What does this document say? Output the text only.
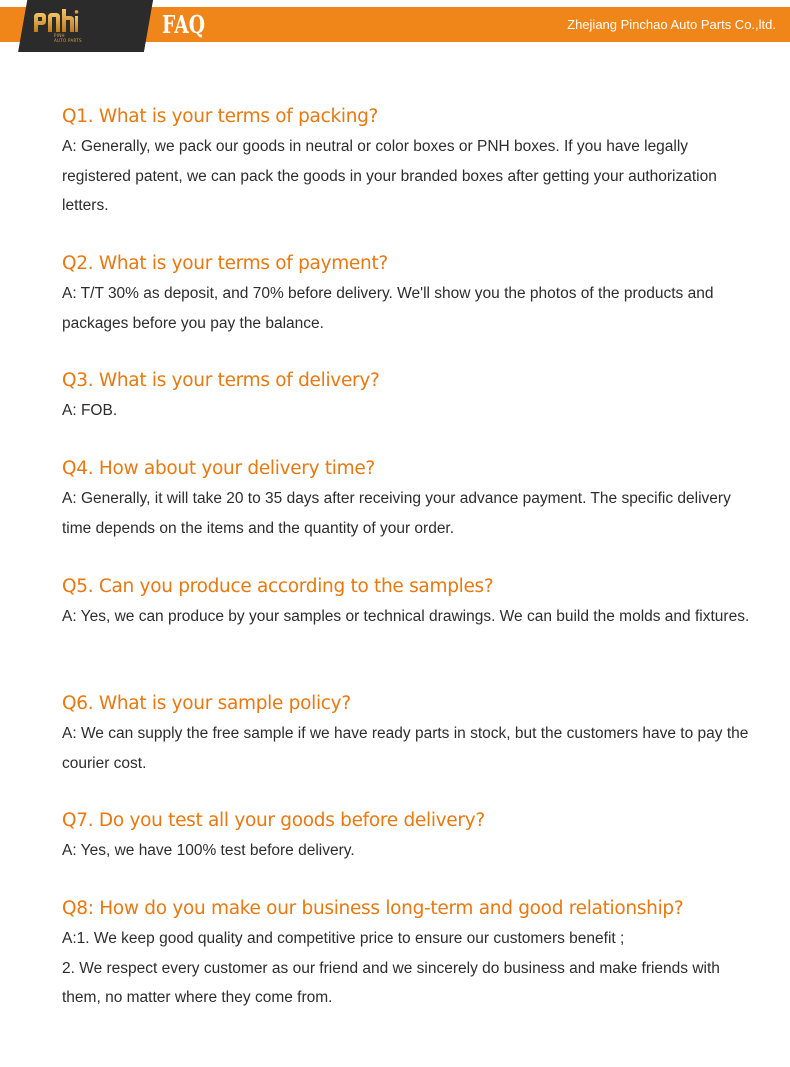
PINH
AUTO PARTS
FAQ	Zhejiang Pinchao Auto Parts Co.,ltd.
Q1. What is your terms of packing?

A: Generally, we pack our goods in neutral or color boxes or PNH boxes. If you have legally registered patent, we can pack the goods in your branded boxes after getting your authorization letters.

Q2. What is your terms of payment?

A: T/T 30% as deposit, and 70% before delivery. We'll show you the photos of the products and packages before you pay the balance.

Q3. What is your terms of delivery?

A: FOB.

Q4. How about your delivery time?

A: Generally, it will take 20 to 35 days after receiving your advance payment. The specific delivery time depends on the items and the quantity of your order.

Q5. Can you produce according to the samples?

A: Yes, we can produce by your samples or technical drawings. We can build the molds and fixtures.

Q6. What is your sample policy?

A: We can supply the free sample if we have ready parts in stock, but the customers have to pay the courier cost.

Q7. Do you test all your goods before delivery?

A: Yes, we have 100% test before delivery.

Q8: How do you make our business long-term and good relationship?

A:1. We keep good quality and competitive price to ensure our customers benefit ;

2. We respect every customer as our friend and we sincerely do business and make friends with them, no matter where they come from.
